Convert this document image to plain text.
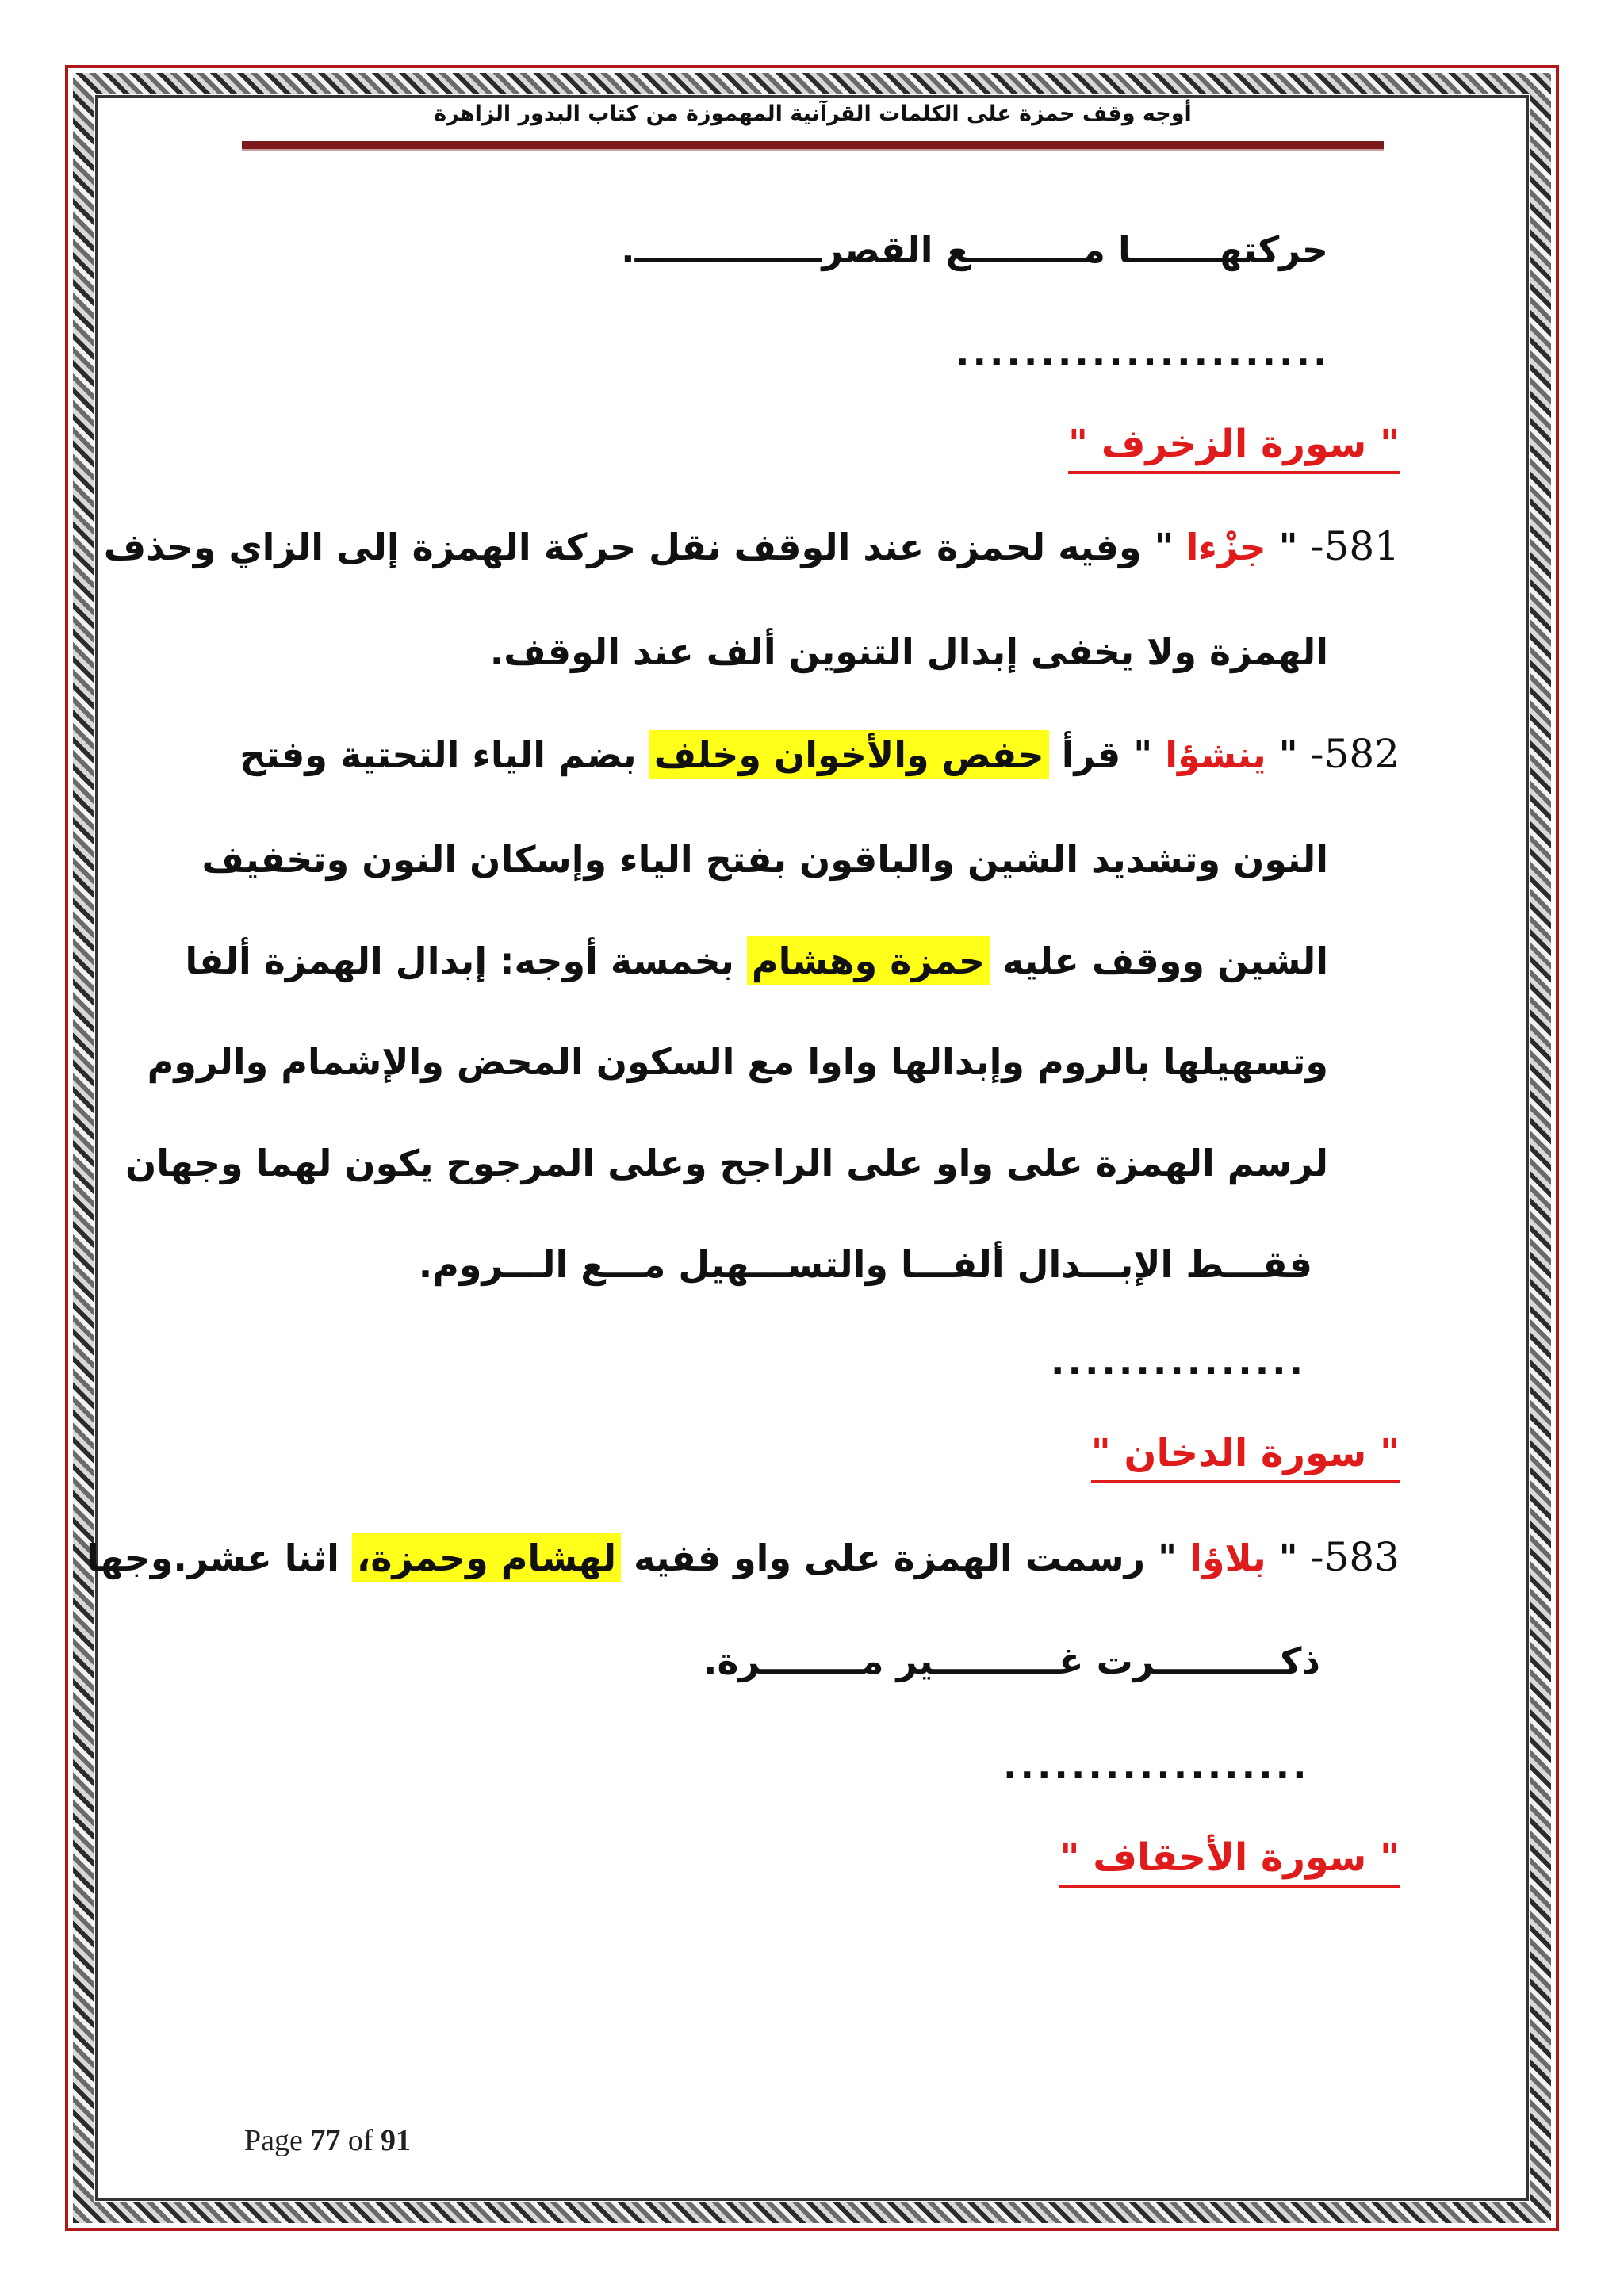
أوجه وقف حمزة على الكلمات القرآنية المهموزة من كتاب البدور الزاهرة
حركتهـــــــا مـــــــــع القصرـــــــــــــــ.
......................
" سورة الزخرف "
581- " جزْءا " وفيه لحمزة عند الوقف نقل حركة الهمزة إلى الزاي وحذف
الهمزة ولا يخفى إبدال التنوين ألف عند الوقف.
582- " ينشؤا " قرأ حفص والأخوان وخلف بضم الياء التحتية وفتح
النون وتشديد الشين والباقون بفتح الياء وإسكان النون وتخفيف
الشين ووقف عليه حمزة وهشام بخمسة أوجه: إبدال الهمزة ألفا
وتسهيلها بالروم وإبدالها واوا مع السكون المحض والإشمام والروم
لرسم الهمزة على واو على الراجح وعلى المرجوح يكون لهما وجهان
فقـــط الإبـــدال ألفـــا والتســـهيل مـــع الـــروم.
...............
" سورة الدخان "
583- " بلاؤا " رسمت الهمزة على واو ففيه لهشام وحمزة، اثنا عشر.وجها
ذكــــــــــرت غــــــــــير مــــــــرة.
..................
" سورة الأحقاف "
Page 77 of 91
